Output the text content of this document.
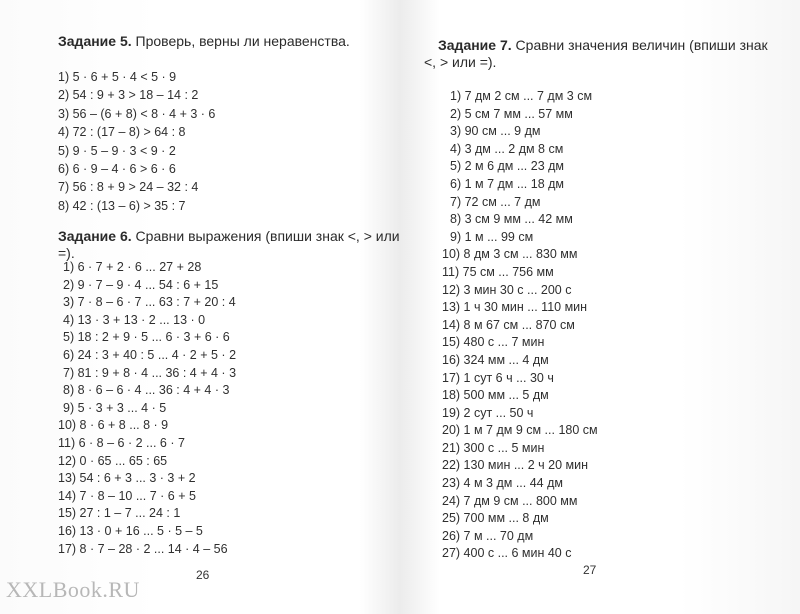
Задание 5. Проверь, верны ли неравенства.
1) 5 · 6 + 5 · 4 < 5 · 9
2) 54 : 9 + 3 > 18 – 14 : 2
3) 56 – (6 + 8) < 8 · 4 + 3 · 6
4) 72 : (17 – 8) > 64 : 8
5) 9 · 5 – 9 · 3 < 9 · 2
6) 6 · 9 – 4 · 6 > 6 · 6
7) 56 : 8 + 9 > 24 – 32 : 4
8) 42 : (13 – 6) > 35 : 7
Задание 6. Сравни выражения (впиши знак <, > или =).
1) 6 · 7 + 2 · 6 ... 27 + 28
2) 9 · 7 – 9 · 4 ... 54 : 6 + 15
3) 7 · 8 – 6 · 7 ... 63 : 7 + 20 : 4
4) 13 · 3 + 13 · 2 ... 13 · 0
5) 18 : 2 + 9 · 5 ... 6 · 3 + 6 · 6
6) 24 : 3 + 40 : 5 ... 4 · 2 + 5 · 2
7) 81 : 9 + 8 · 4 ... 36 : 4 + 4 · 3
8) 8 · 6 – 6 · 4 ... 36 : 4 + 4 · 3
9) 5 · 3 + 3 ... 4 · 5
10) 8 · 6 + 8 ... 8 · 9
11) 6 · 8 – 6 · 2 ... 6 · 7
12) 0 · 65 ... 65 : 65
13) 54 : 6 + 3 ... 3 · 3 + 2
14) 7 · 8 – 10 ... 7 · 6 + 5
15) 27 : 1 – 7 ... 24 : 1
16) 13 · 0 + 16 ... 5 · 5 – 5
17) 8 · 7 – 28 · 2 ... 14 · 4 – 56
26
Задание 7. Сравни значения величин (впиши знак
<, > или =).
1) 7 дм 2 см ... 7 дм 3 см
2) 5 см 7 мм ... 57 мм
3) 90 см ... 9 дм
4) 3 дм ... 2 дм 8 см
5) 2 м 6 дм ... 23 дм
6) 1 м 7 дм ... 18 дм
7) 72 см ... 7 дм
8) 3 см 9 мм ... 42 мм
9) 1 м ... 99 см
10) 8 дм 3 см ... 830 мм
11) 75 см ... 756 мм
12) 3 мин 30 с ... 200 с
13) 1 ч 30 мин ... 110 мин
14) 8 м 67 см ... 870 см
15) 480 с ... 7 мин
16) 324 мм ... 4 дм
17) 1 сут 6 ч ... 30 ч
18) 500 мм ... 5 дм
19) 2 сут ... 50 ч
20) 1 м 7 дм 9 см ... 180 см
21) 300 с ... 5 мин
22) 130 мин ... 2 ч 20 мин
23) 4 м 3 дм ... 44 дм
24) 7 дм 9 см ... 800 мм
25) 700 мм ... 8 дм
26) 7 м ... 70 дм
27) 400 с ... 6 мин 40 с
27
XXLBook.RU
